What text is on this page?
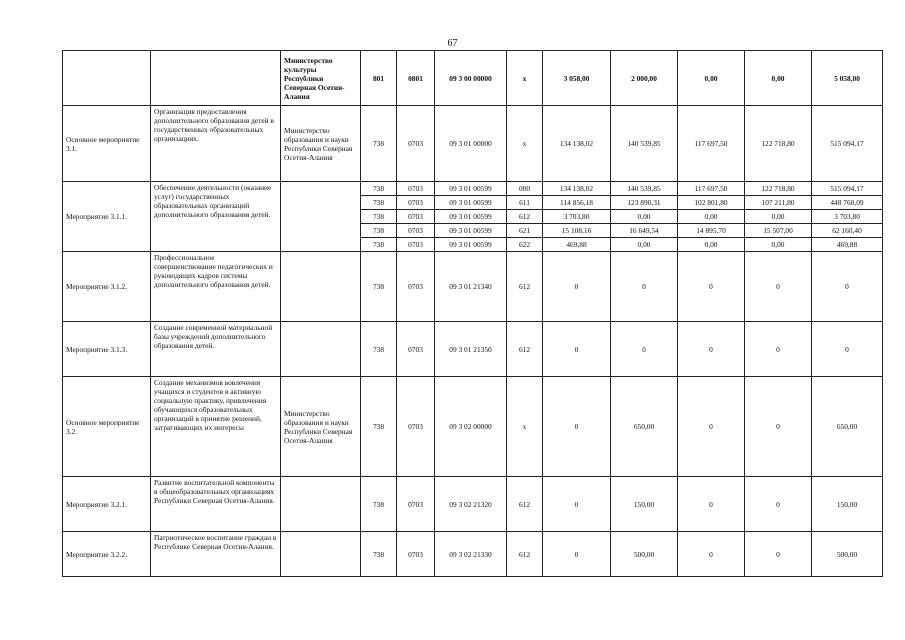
67
		Министерство культуры Республики Северная Осетия-Алания	801	0801	09 3 00 00000	x	3 058,00	2 000,00	0,00	0,00	5 058,00
Основное мероприятие 3.1.	Организация предоставления дополнительного образования детей в государственных образовательных организациях.	Министерство образования и науки Республики Северная Осетия-Алания	738	0703	09 3 01 00000	x	134 138,02	140 539,85	117 697,50	122 718,80	515 094,17
Мероприятие 3.1.1.	Обеспечение деятельности (оказание услуг) государственных образовательных организаций дополнительного образования детей.		738	0703	09 3 01 00599	000	134 138,02	140 539,85	117 697,50	122 718,80	515 094,17
			738	0703	09 3 01 00599	611	114 856,18	123 890,31	102 801,80	107 211,80	448 760,09
			738	0703	09 3 01 00599	612	3 703,80	0,00	0,00	0,00	3 703,80
			738	0703	09 3 01 00599	621	15 108,16	16 649,54	14 895,70	15 507,00	62 160,40
			738	0703	09 3 01 00599	622	469,88	0,00	0,00	0,00	469,88
Мероприятие 3.1.2.	Профессиональное совершенствование педагогических и руководящих кадров системы дополнительного образования детей.		738	0703	09 3 01 21340	612	0	0	0	0	0
Мероприятие 3.1.3.	Создание современной материальной базы учреждений дополнительного образования детей.		738	0703	09 3 01 21350	612	0	0	0	0	0
Основное мероприятие 3.2.	Создание механизмов вовлечения учащихся и студентов в активную социальную практику, привлечения обучающихся образовательных организаций в принятие решений, затрагивающих их интересы	Министерство образования и науки Республики Северная Осетия-Алания	738	0703	09 3 02 00000	x	0	650,00	0	0	650,00
Мероприятие 3.2.1.	Развитие воспитательной компоненты в общеобразовательных организациях Республики Северная Осетия-Алания.		738	0703	09 3 02 21320	612	0	150,00	0	0	150,00
Мероприятие 3.2.2.	Патриотическое воспитание граждан в Республике Северная Осетия-Алания.		738	0703	09 3 02 21330	612	0	500,00	0	0	500,00
